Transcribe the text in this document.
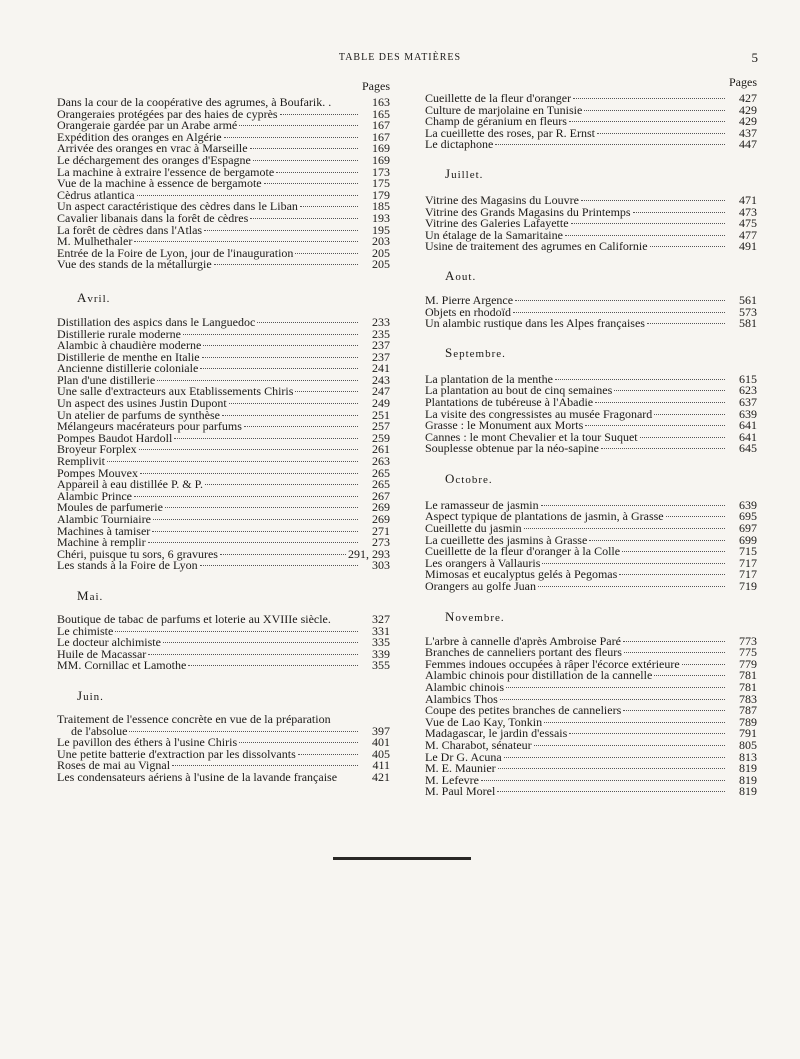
TABLE DES MATIÈRES	5
Pages
Dans la cour de la coopérative des agrumes, à Boufarik. .	163
Orangeraies protégées par des haies de cyprès	165
Orangeraie gardée par un Arabe armé	167
Expédition des oranges en Algérie	167
Arrivée des oranges en vrac à Marseille	169
Le déchargement des oranges d'Espagne	169
La machine à extraire l'essence de bergamote	173
Vue de la machine à essence de bergamote	175
Cèdrus atlantica	179
Un aspect caractéristique des cèdres dans le Liban	185
Cavalier libanais dans la forêt de cèdres	193
La forêt de cèdres dans l'Atlas	195
M. Mulhethaler	203
Entrée de la Foire de Lyon, jour de l'inauguration	205
Vue des stands de la métallurgie	205
Avril.
Distillation des aspics dans le Languedoc	233
Distillerie rurale moderne	235
Alambic à chaudière moderne	237
Distillerie de menthe en Italie	237
Ancienne distillerie coloniale	241
Plan d'une distillerie	243
Une salle d'extracteurs aux Etablissements Chiris	247
Un aspect des usines Justin Dupont	249
Un atelier de parfums de synthèse	251
Mélangeurs macérateurs pour parfums	257
Pompes Baudot Hardoll	259
Broyeur Forplex	261
Remplivit	263
Pompes Mouvex	265
Appareil à eau distillée P. & P.	265
Alambic Prince	267
Moules de parfumerie	269
Alambic Tourniaire	269
Machines à tamiser	271
Machine à remplir	273
Chéri, puisque tu sors, 6 gravures	291, 293
Les stands à la Foire de Lyon	303
Mai.
Boutique de tabac de parfums et loterie au XVIIIe siècle.	327
Le chimiste	331
Le docteur alchimiste	335
Huile de Macassar	339
MM. Cornillac et Lamothe	355
Juin.
Traitement de l'essence concrète en vue de la préparation
de l'absolue	397
Le pavillon des éthers à l'usine Chiris	401
Une petite batterie d'extraction par les dissolvants	405
Roses de mai au Vignal	411
Les condensateurs aériens à l'usine de la lavande française	421
Pages
Cueillette de la fleur d'oranger	427
Culture de marjolaine en Tunisie	429
Champ de géranium en fleurs	429
La cueillette des roses, par R. Ernst	437
Le dictaphone	447
Juillet.
Vitrine des Magasins du Louvre	471
Vitrine des Grands Magasins du Printemps	473
Vitrine des Galeries Lafayette	475
Un étalage de la Samaritaine	477
Usine de traitement des agrumes en Californie	491
Aout.
M. Pierre Argence	561
Objets en rhodoïd	573
Un alambic rustique dans les Alpes françaises	581
Septembre.
La plantation de la menthe	615
La plantation au bout de cinq semaines	623
Plantations de tubéreuse à l'Abadie	637
La visite des congressistes au musée Fragonard	639
Grasse : le Monument aux Morts	641
Cannes : le mont Chevalier et la tour Suquet	641
Souplesse obtenue par la néo-sapine	645
Octobre.
Le ramasseur de jasmin	639
Aspect typique de plantations de jasmin, à Grasse	695
Cueillette du jasmin	697
La cueillette des jasmins à Grasse	699
Cueillette de la fleur d'oranger à la Colle	715
Les orangers à Vallauris	717
Mimosas et eucalyptus gelés à Pegomas	717
Orangers au golfe Juan	719
Novembre.
L'arbre à cannelle d'après Ambroise Paré	773
Branches de canneliers portant des fleurs	775
Femmes indoues occupées à râper l'écorce extérieure	779
Alambic chinois pour distillation de la cannelle	781
Alambic chinois	781
Alambics Thos	783
Coupe des petites branches de canneliers	787
Vue de Lao Kay, Tonkin	789
Madagascar, le jardin d'essais	791
M. Charabot, sénateur	805
Le Dr G. Acuna	813
M. E. Maunier	819
M. Lefevre	819
M. Paul Morel	819
